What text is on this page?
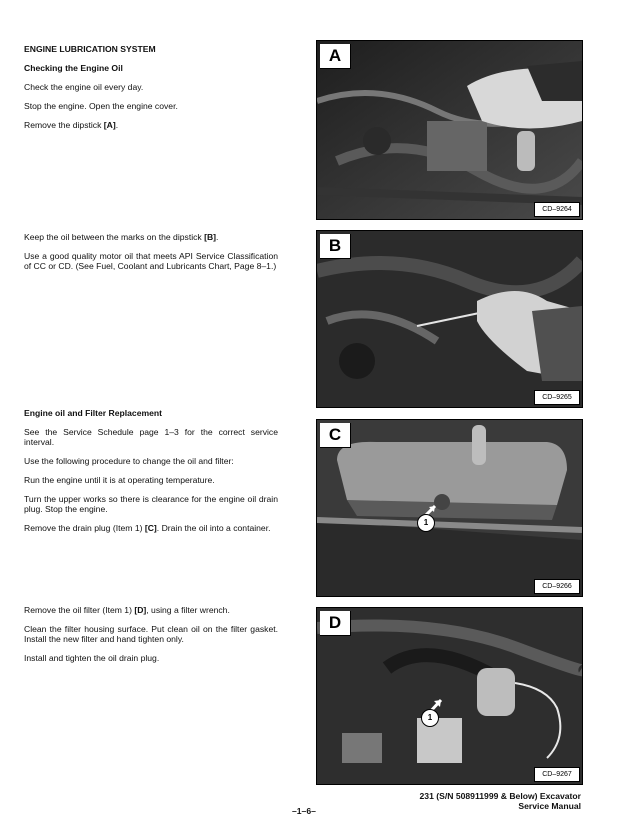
ENGINE LUBRICATION SYSTEM

Checking the Engine Oil

Check the engine oil every day.

Stop the engine. Open the engine cover.

Remove the dipstick [A].

Keep the oil between the marks on the dipstick [B].

Use a good quality motor oil that meets API Service Classification of CC or CD. (See Fuel, Coolant and Lubricants Chart, Page 8–1.)

Engine oil and Filter Replacement

See the Service Schedule page 1–3 for the correct service interval.

Use the following procedure to change the oil and filter:

Run the engine until it is at operating temperature.

Turn the upper works so there is clearance for the engine oil drain plug. Stop the engine.

Remove the drain plug (Item 1) [C]. Drain the oil into a container.

Remove the oil filter (Item 1) [D], using a filter wrench.

Clean the filter housing surface. Put clean oil on the filter gasket. Install the new filter and hand tighten only.

Install and tighten the oil drain plug.

A
CD–9264
B
CD–9265
1
C
CD–9266
1
D
CD–9267
–1–6–
231 (S/N 508911999 & Below) Excavator
Service Manual
